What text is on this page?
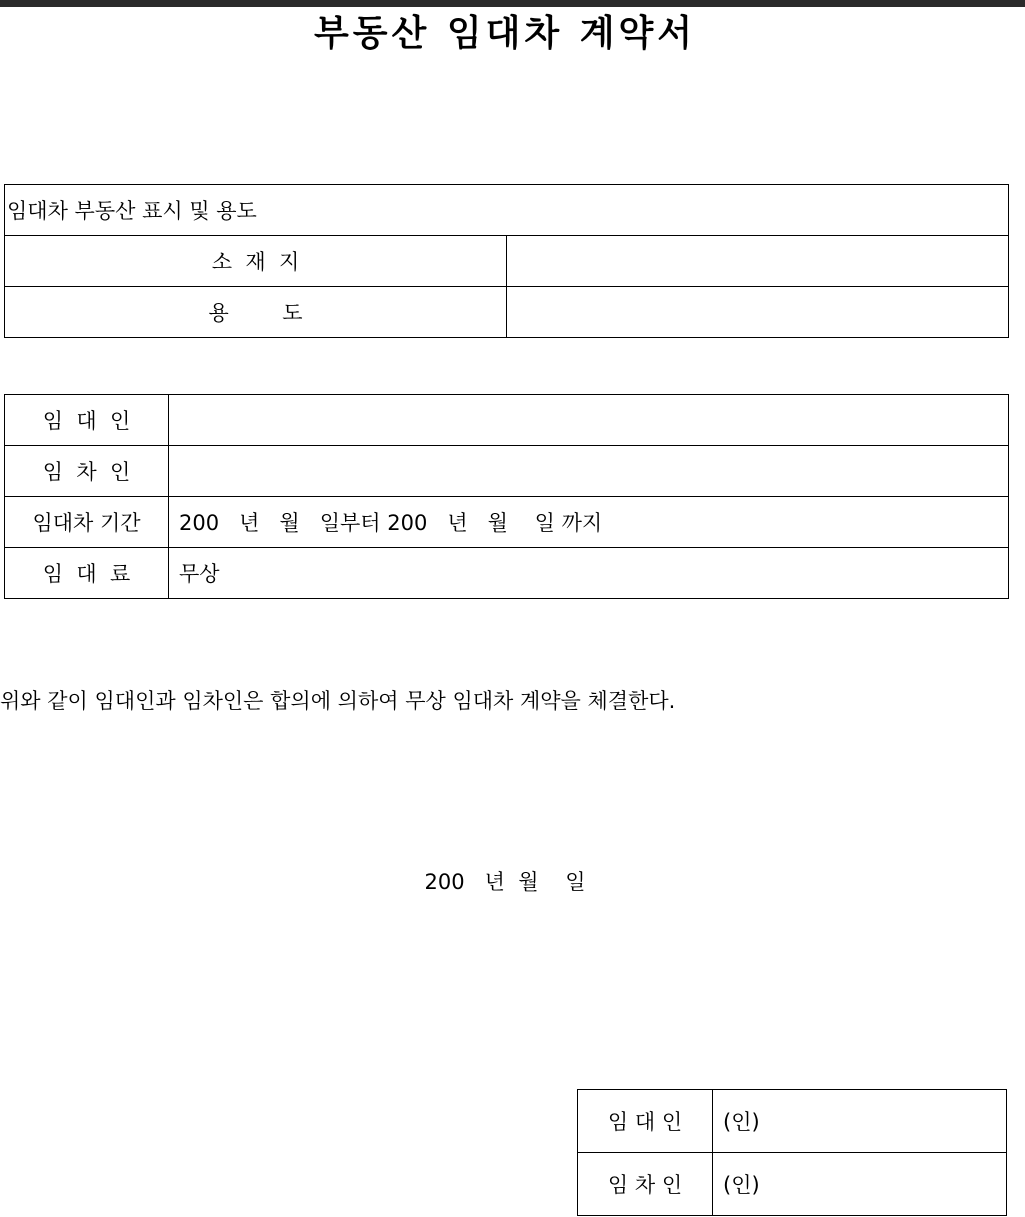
부동산 임대차 계약서
임대차 부동산 표시 및 용도	
소  재  지	
용        도	
임  대  인	
임  차  인	
임대차 기간	200   년   월   일부터 200   년   월    일 까지
임  대  료	무상
위와 같이 임대인과 임차인은 합의에 의하여 무상 임대차 계약을 체결한다.
200   년  월    일
임 대 인	(인)
임 차 인	(인)
